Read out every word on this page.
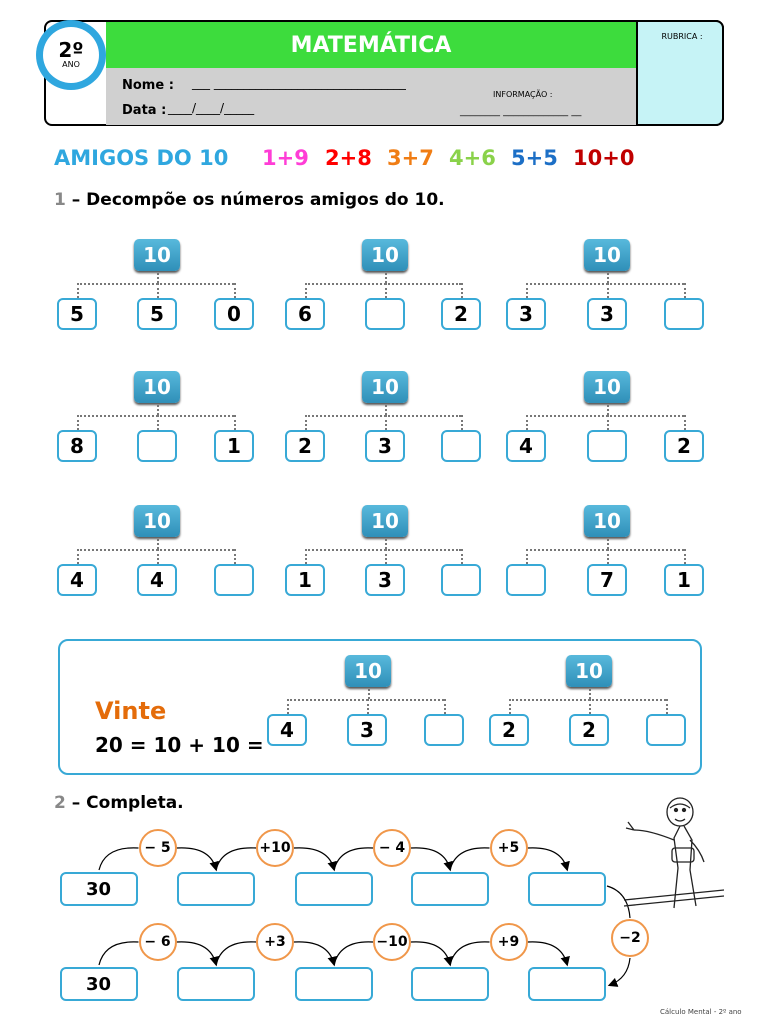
MATEMÁTICA	RUBRICA :
2º
ANO
Nome : ___ ________________________________
Data : ____/____/_____
INFORMAÇÃO :
________ _____________ __
AMIGOS DO 10 1+9 2+8 3+7 4+6 5+5 10+0
1 – Decompõe os números amigos do 10.
10
5	5	0
10
6	2
10
3	3
10
8	1
10
2	3
10
4	2
10
4	4
10
1	3
10
7	1
Vinte
20 = 10 + 10 =
10
4	3
10
2	2
2 – Completa.
30
− 5	+10	− 4	+5
30
− 6	+3	−10	+9	−2
Cálculo Mental - 2º ano
